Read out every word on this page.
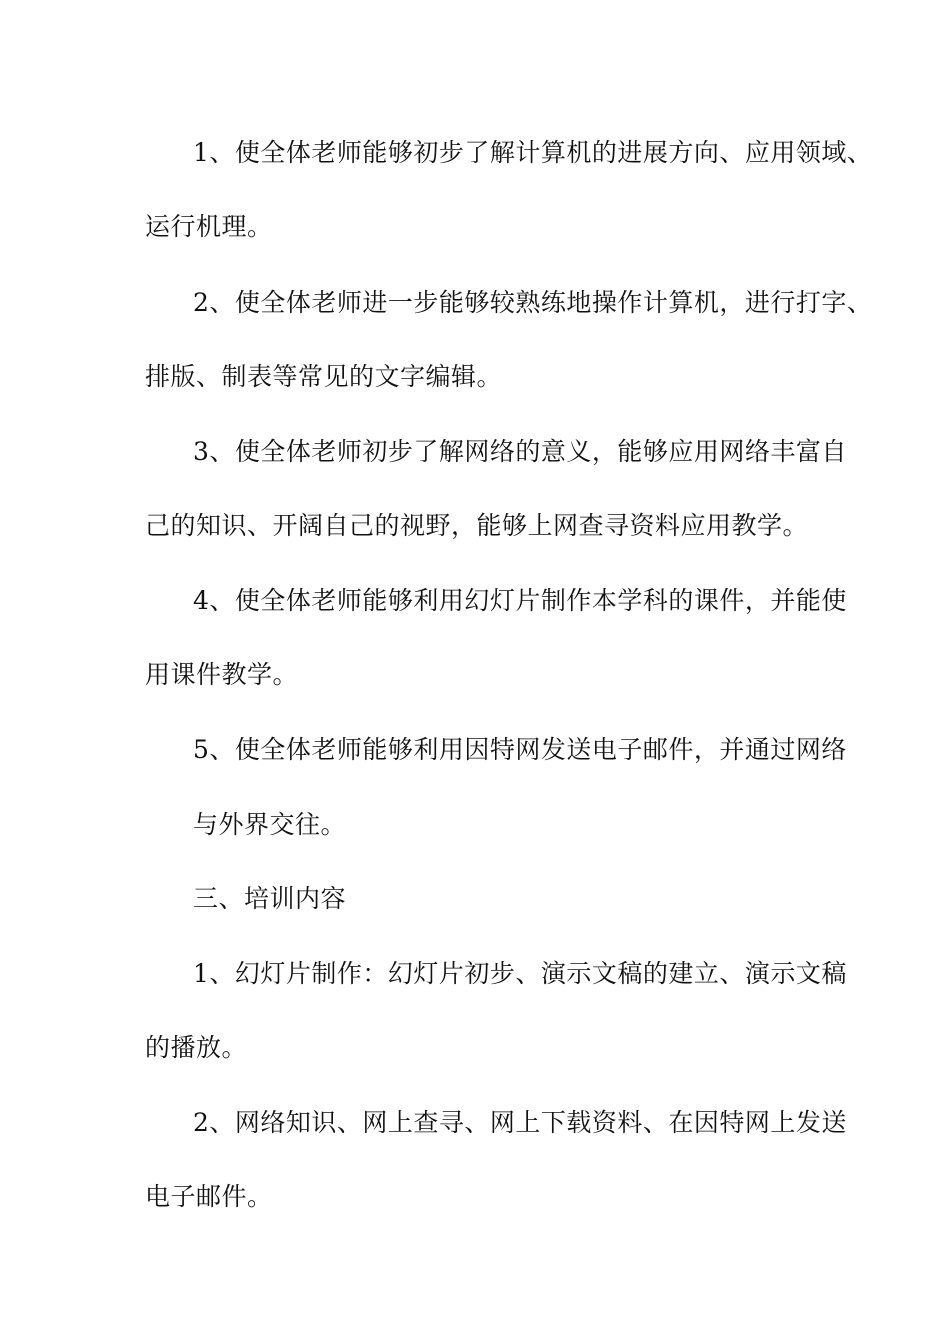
1、使全体老师能够初步了解计算机的进展方向、应用领域、
运行机理。
2、使全体老师进一步能够较熟练地操作计算机，进行打字、
排版、制表等常见的文字编辑。
3、使全体老师初步了解网络的意义，能够应用网络丰富自
己的知识、开阔自己的视野，能够上网查寻资料应用教学。
4、使全体老师能够利用幻灯片制作本学科的课件，并能使
用课件教学。
5、使全体老师能够利用因特网发送电子邮件，并通过网络
与外界交往。
三、培训内容
1、幻灯片制作：幻灯片初步、演示文稿的建立、演示文稿
的播放。
2、网络知识、网上查寻、网上下载资料、在因特网上发送
电子邮件。
